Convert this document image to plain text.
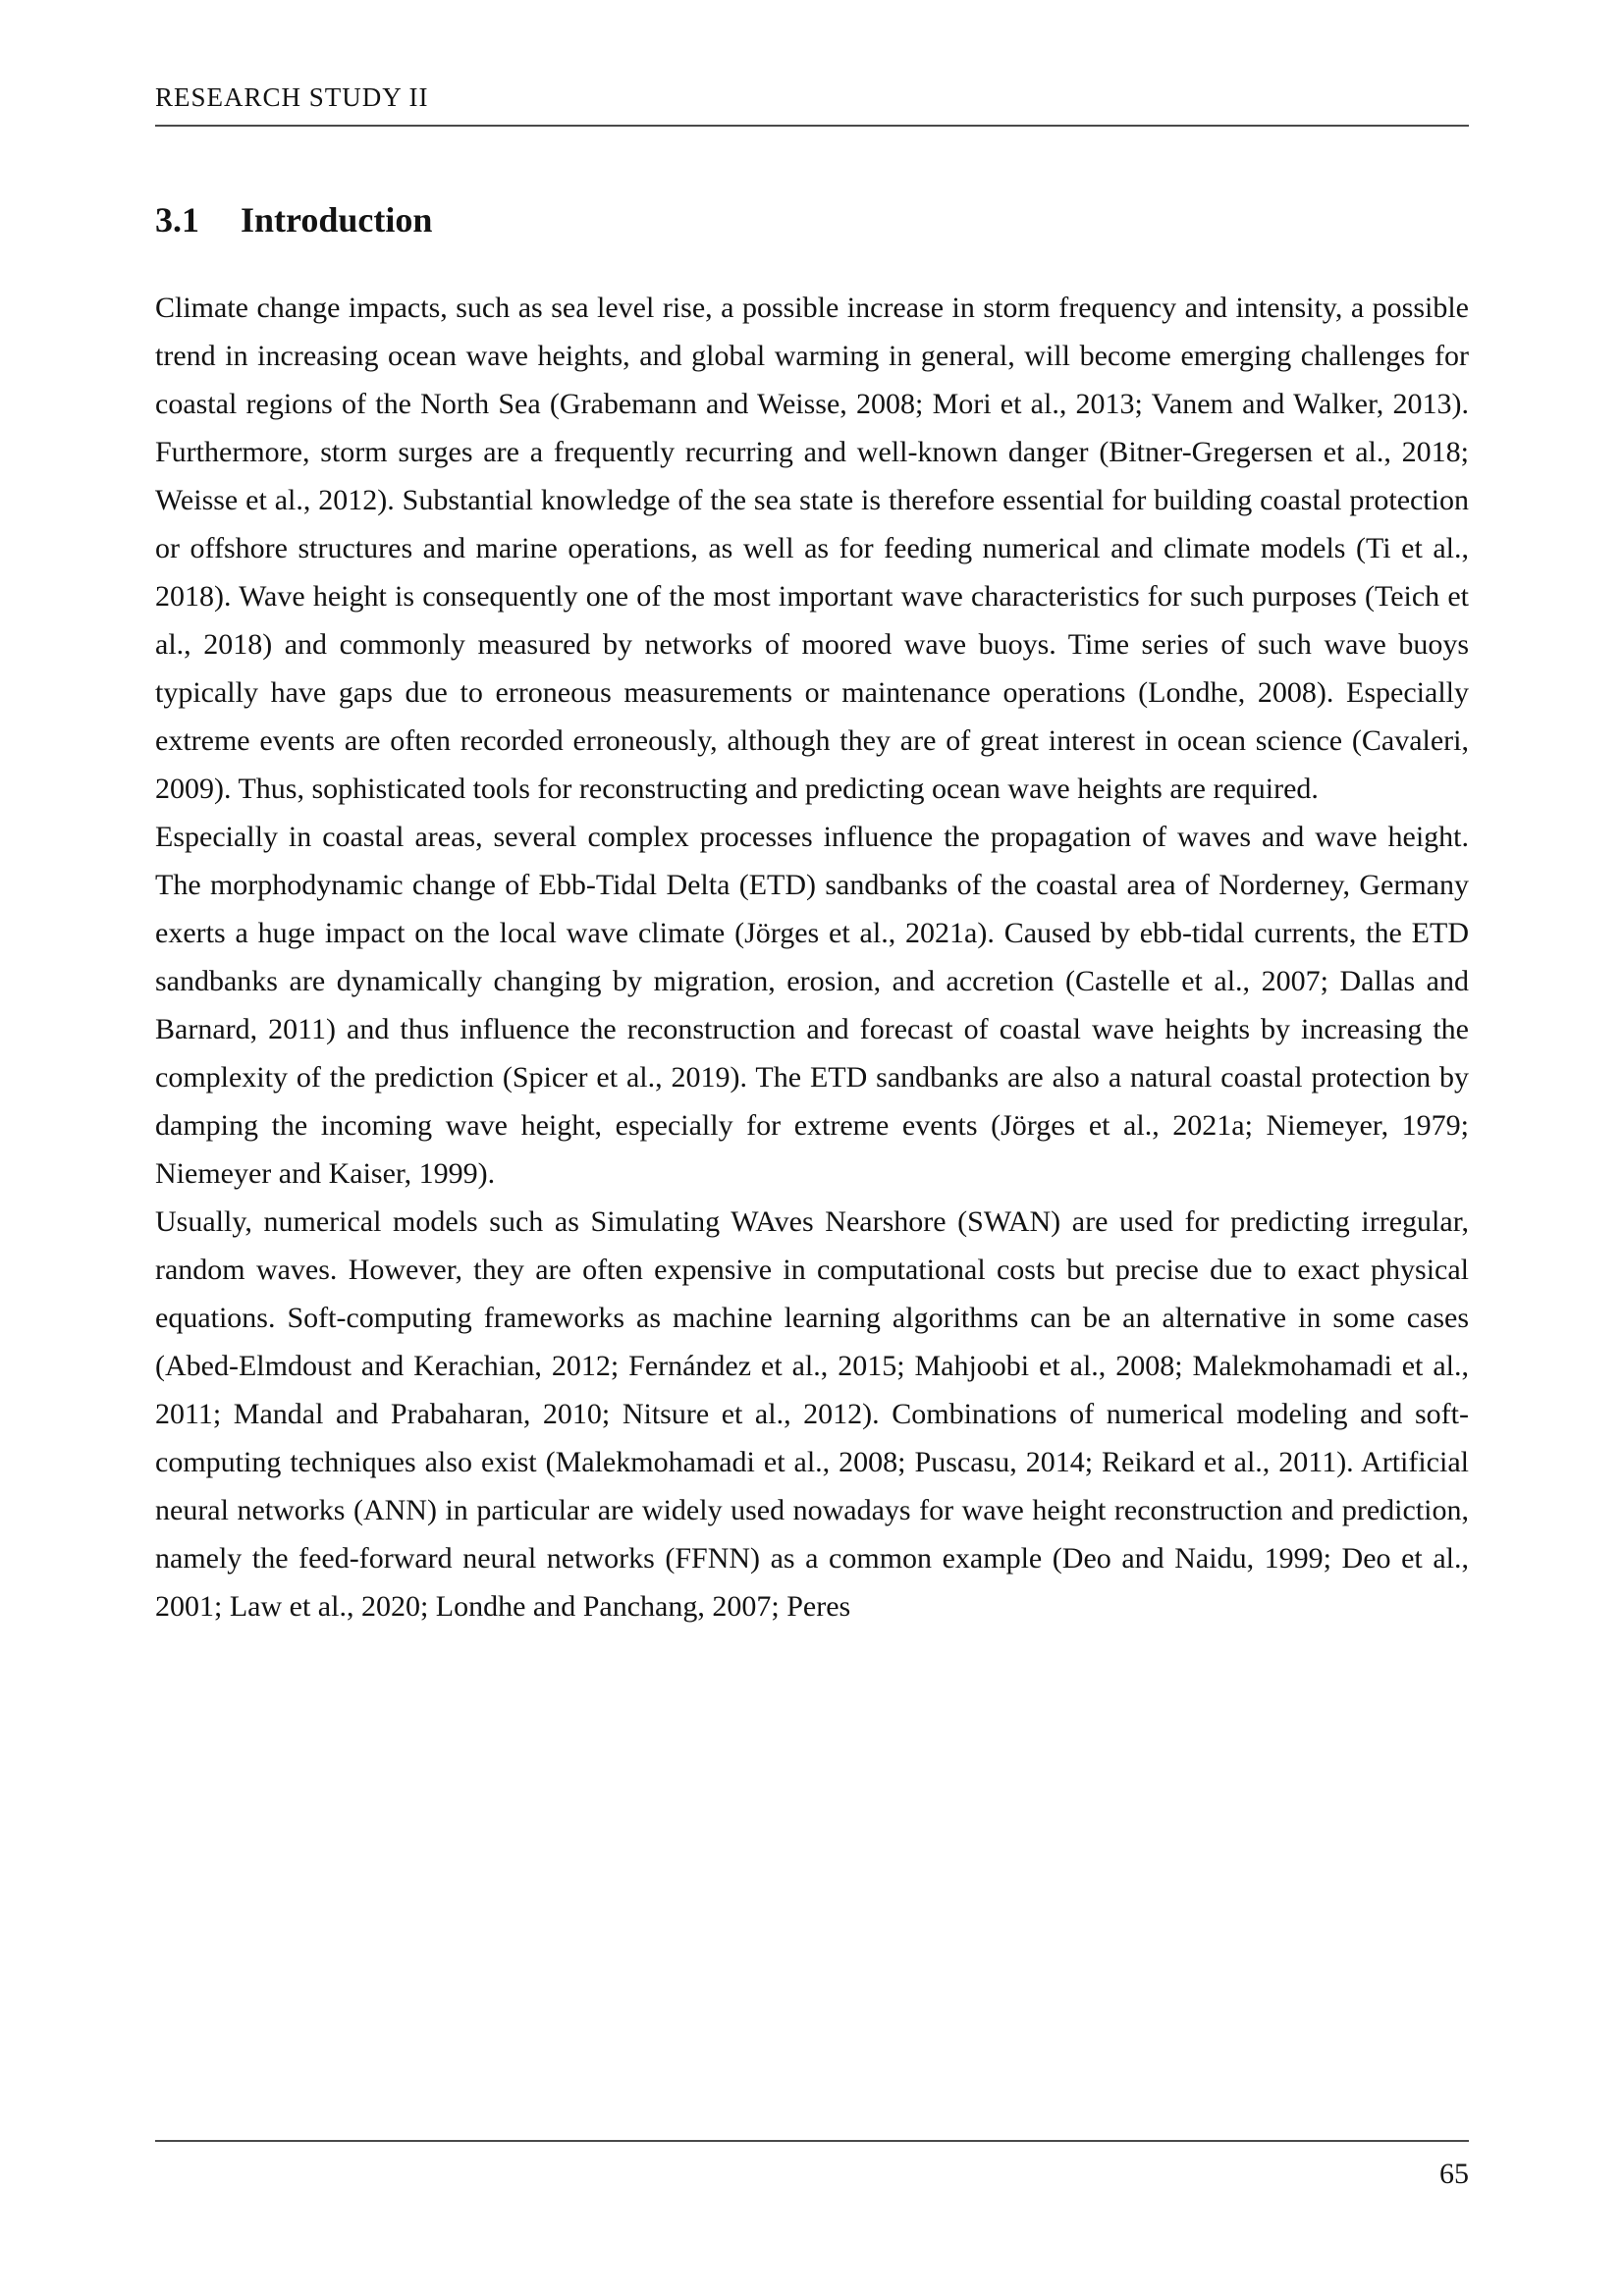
RESEARCH STUDY II
3.1 Introduction

Climate change impacts, such as sea level rise, a possible increase in storm frequency and intensity, a possible trend in increasing ocean wave heights, and global warming in general, will become emerging challenges for coastal regions of the North Sea (Grabemann and Weisse, 2008; Mori et al., 2013; Vanem and Walker, 2013). Furthermore, storm surges are a frequently recurring and well-known danger (Bitner-Gregersen et al., 2018; Weisse et al., 2012). Substantial knowledge of the sea state is therefore essential for building coastal protection or offshore structures and marine operations, as well as for feeding numerical and climate models (Ti et al., 2018). Wave height is consequently one of the most important wave characteristics for such purposes (Teich et al., 2018) and commonly measured by networks of moored wave buoys. Time series of such wave buoys typically have gaps due to erroneous measurements or maintenance operations (Londhe, 2008). Especially extreme events are often recorded erroneously, although they are of great interest in ocean science (Cavaleri, 2009). Thus, sophisticated tools for reconstructing and predicting ocean wave heights are required.

Especially in coastal areas, several complex processes influence the propagation of waves and wave height. The morphodynamic change of Ebb-Tidal Delta (ETD) sandbanks of the coastal area of Norderney, Germany exerts a huge impact on the local wave climate (Jörges et al., 2021a). Caused by ebb-tidal currents, the ETD sandbanks are dynamically changing by migration, erosion, and accretion (Castelle et al., 2007; Dallas and Barnard, 2011) and thus influence the reconstruction and forecast of coastal wave heights by increasing the complexity of the prediction (Spicer et al., 2019). The ETD sandbanks are also a natural coastal protection by damping the incoming wave height, especially for extreme events (Jörges et al., 2021a; Niemeyer, 1979; Niemeyer and Kaiser, 1999).

Usually, numerical models such as Simulating WAves Nearshore (SWAN) are used for predicting irregular, random waves. However, they are often expensive in computational costs but precise due to exact physical equations. Soft-computing frameworks as machine learning algorithms can be an alternative in some cases (Abed-Elmdoust and Kerachian, 2012; Fernández et al., 2015; Mahjoobi et al., 2008; Malekmohamadi et al., 2011; Mandal and Prabaharan, 2010; Nitsure et al., 2012). Combinations of numerical modeling and soft-computing techniques also exist (Malekmohamadi et al., 2008; Puscasu, 2014; Reikard et al., 2011). Artificial neural networks (ANN) in particular are widely used nowadays for wave height reconstruction and prediction, namely the feed-forward neural networks (FFNN) as a common example (Deo and Naidu, 1999; Deo et al., 2001; Law et al., 2020; Londhe and Panchang, 2007; Peres

65
